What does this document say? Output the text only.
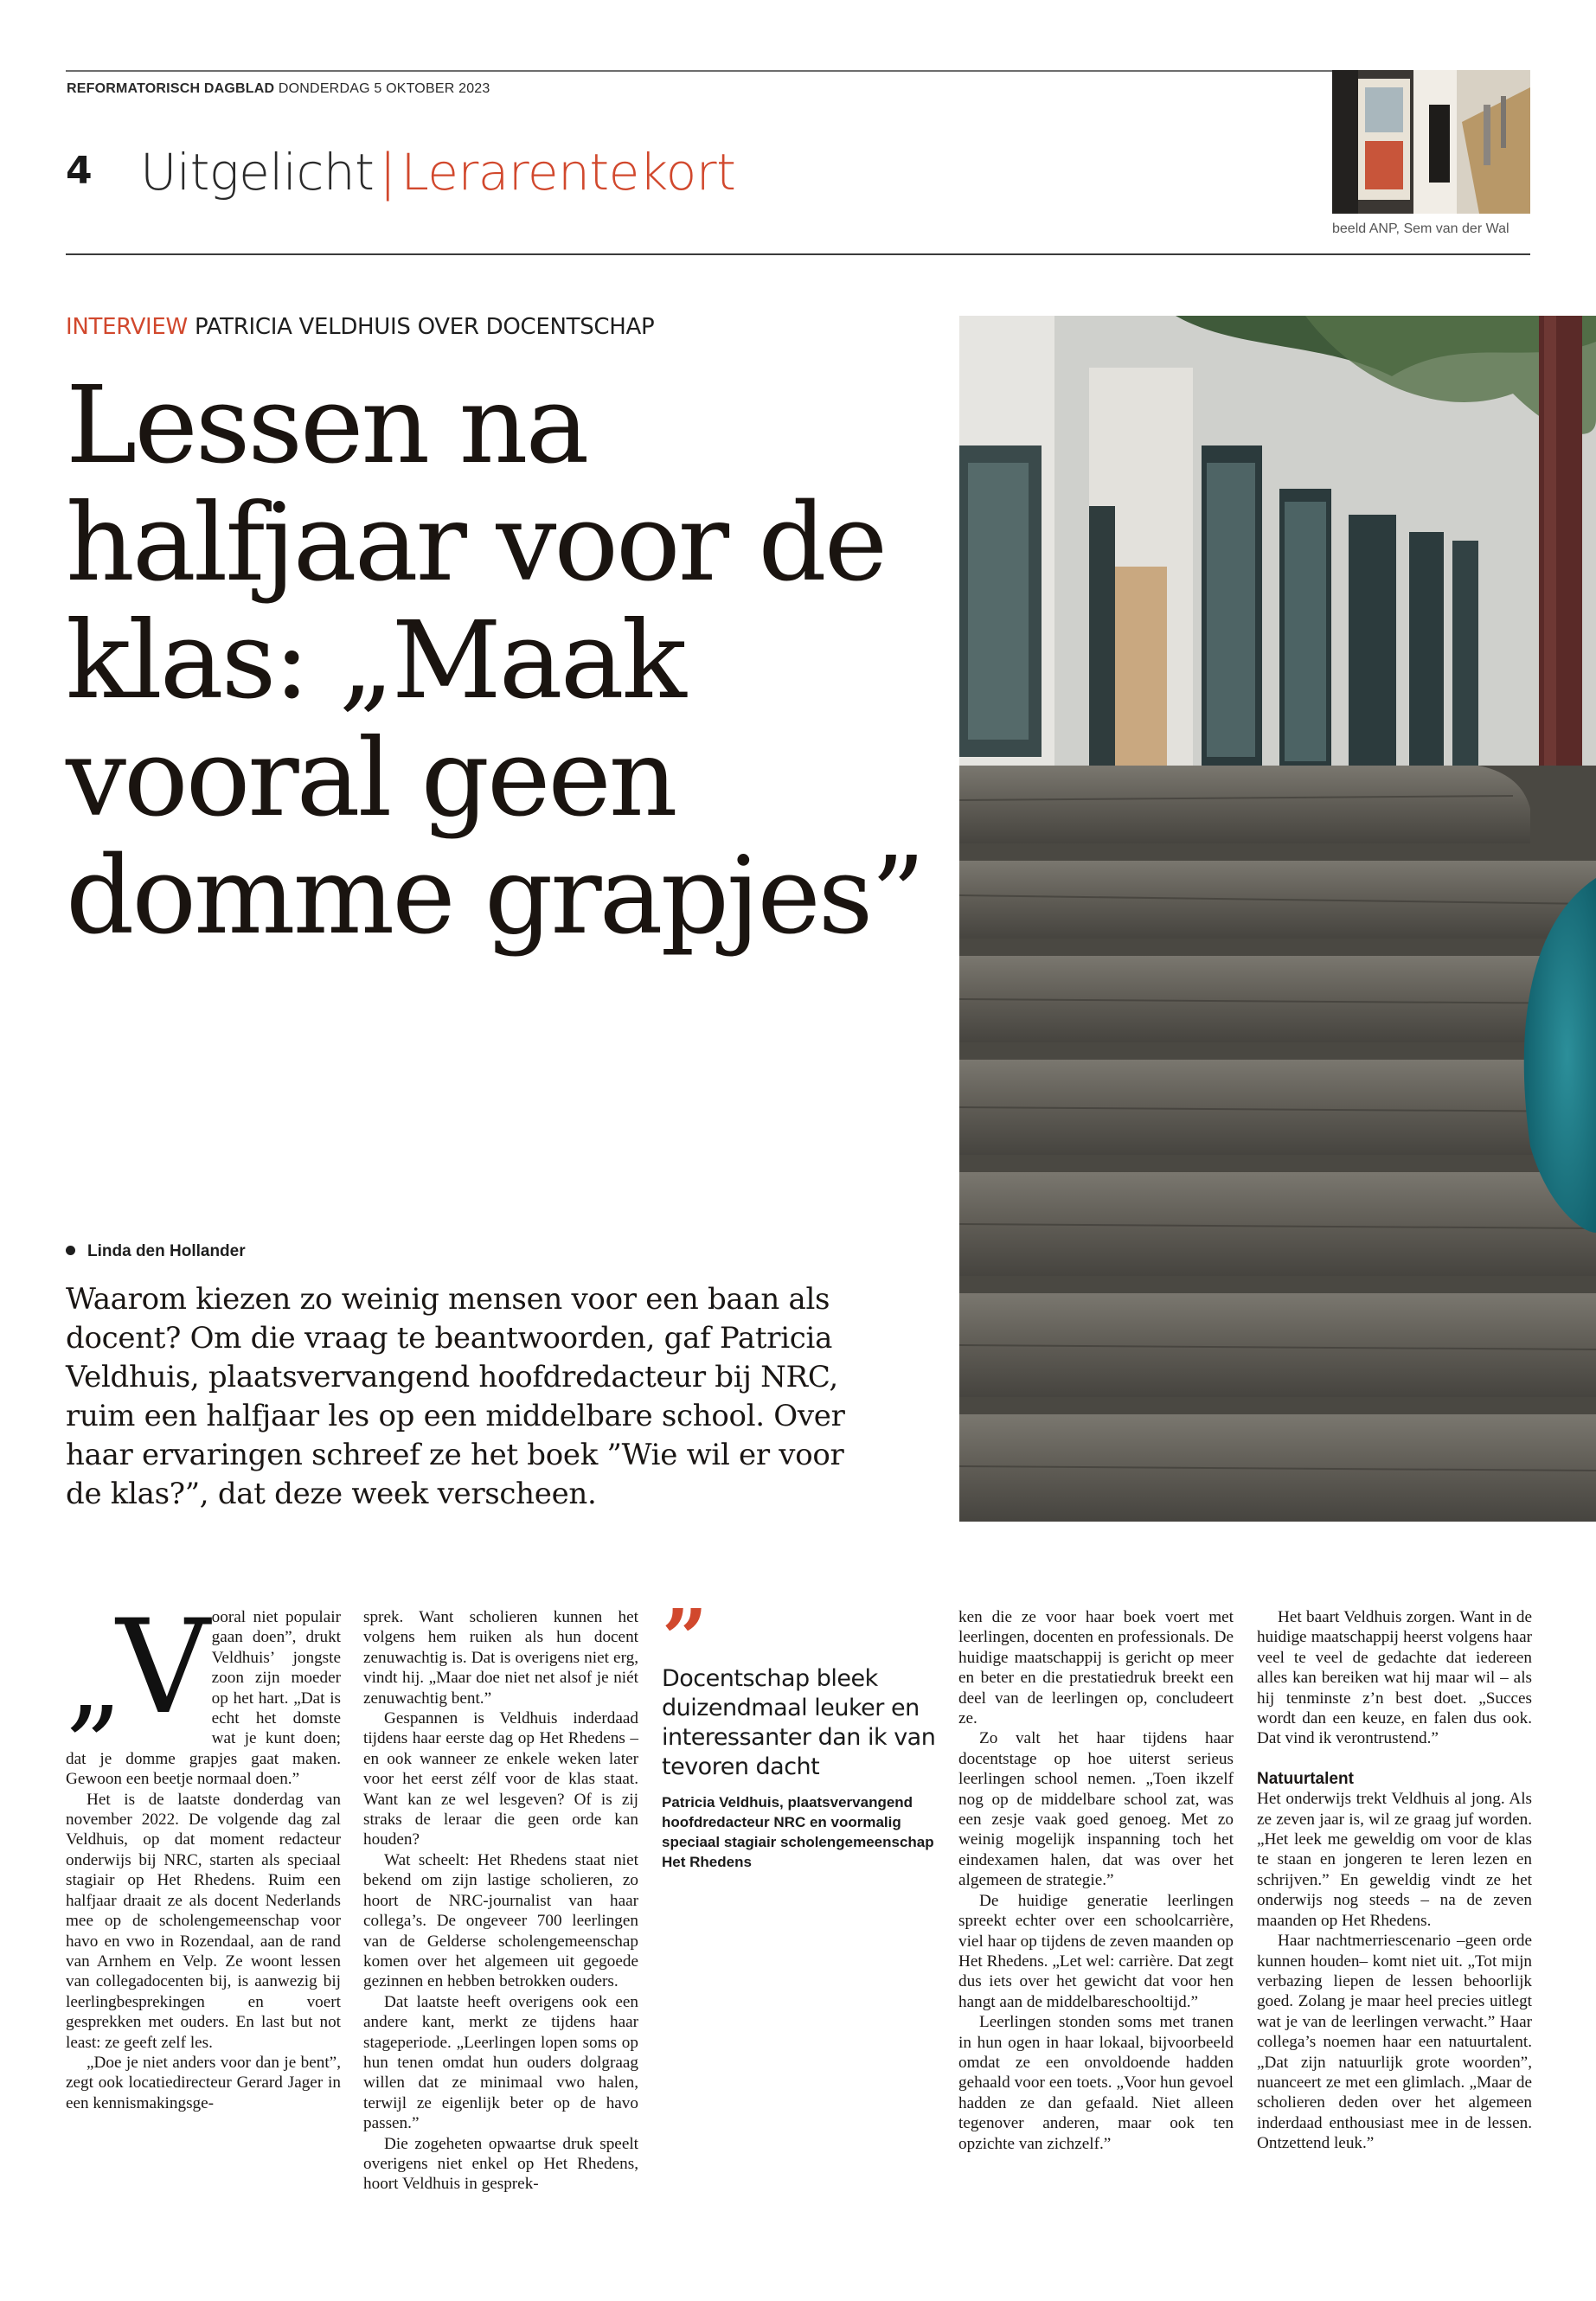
REFORMATORISCH DAGBLAD DONDERDAG 5 OKTOBER 2023
4 Uitgelicht | Lerarentekort
beeld ANP, Sem van der Wal
INTERVIEW PATRICIA VELDHUIS OVER DOCENTSCHAP
Lessen na halfjaar voor de klas: „Maak vooral geen domme grapjes”
Linda den Hollander

Waarom kiezen zo weinig mensen voor een baan als docent? Om die vraag te beantwoorden, gaf Patricia Veldhuis, plaatsvervangend hoofdredacteur bij NRC, ruim een halfjaar les op een middelbare school. Over haar ervaringen schreef ze het boek ”Wie wil er voor de klas?”, dat deze week verscheen.

„V ooral niet populair gaan doen”, drukt Veldhuis’ jongste zoon zijn moeder op het hart. „Dat is echt het domste wat je kunt doen; dat je domme grapjes gaat maken. Gewoon een beetje normaal doen.”

Het is de laatste donderdag van november 2022. De volgende dag zal Veldhuis, op dat moment redacteur onderwijs bij NRC, starten als speciaal stagiair op Het Rhedens. Ruim een halfjaar draait ze als docent Nederlands mee op de scholengemeenschap voor havo en vwo in Rozendaal, aan de rand van Arnhem en Velp. Ze woont lessen van collegadocenten bij, is aanwezig bij leerlingbesprekingen en voert gesprekken met ouders. En last but not least: ze geeft zelf les.

„Doe je niet anders voor dan je bent”, zegt ook locatiedirecteur Gerard Jager in een kennismakingsge-

sprek. Want scholieren kunnen het volgens hem ruiken als hun docent zenuwachtig is. Dat is overigens niet erg, vindt hij. „Maar doe niet net alsof je niét zenuwachtig bent.”

Gespannen is Veldhuis inderdaad tijdens haar eerste dag op Het Rhedens – en ook wanneer ze enkele weken later voor het eerst zélf voor de klas staat. Want kan ze wel lesgeven? Of is zij straks de leraar die geen orde kan houden?

Wat scheelt: Het Rhedens staat niet bekend om zijn lastige scholieren, zo hoort de NRC-journalist van haar collega’s. De ongeveer 700 leerlingen van de Gelderse scholengemeenschap komen over het algemeen uit gegoede gezinnen en hebben betrokken ouders.

Dat laatste heeft overigens ook een andere kant, merkt ze tijdens haar stageperiode. „Leerlingen lopen soms op hun tenen omdat hun ouders dolgraag willen dat ze minimaal vwo halen, terwijl ze eigenlijk beter op de havo passen.”

Die zogeheten opwaartse druk speelt overigens niet enkel op Het Rhedens, hoort Veldhuis in gesprek-

”
Docentschap bleek duizendmaal leuker en interessanter dan ik van tevoren dacht
Patricia Veldhuis, plaatsvervangend hoofdredacteur NRC en voormalig speciaal stagiair scholengemeenschap Het Rhedens

ken die ze voor haar boek voert met leerlingen, docenten en professionals. De huidige maatschappij is gericht op meer en beter en die prestatiedruk breekt een deel van de leerlingen op, concludeert ze.

Zo valt het haar tijdens haar docentstage op hoe uiterst serieus leerlingen school nemen. „Toen ikzelf nog op de middelbare school zat, was een zesje vaak goed genoeg. Met zo weinig mogelijk inspanning toch het eindexamen halen, dat was over het algemeen de strategie.”

De huidige generatie leerlingen spreekt echter over een schoolcarrière, viel haar op tijdens de zeven maanden op Het Rhedens. „Let wel: carrière. Dat zegt dus iets over het gewicht dat voor hen hangt aan de middelbareschooltijd.”

Leerlingen stonden soms met tranen in hun ogen in haar lokaal, bijvoorbeeld omdat ze een onvoldoende hadden gehaald voor een toets. „Voor hun gevoel hadden ze dan gefaald. Niet alleen tegenover anderen, maar ook ten opzichte van zichzelf.”

Het baart Veldhuis zorgen. Want in de huidige maatschappij heerst volgens haar veel te veel de gedachte dat iedereen alles kan bereiken wat hij maar wil – als hij tenminste z’n best doet. „Succes wordt dan een keuze, en falen dus ook. Dat vind ik verontrustend.”

Natuurtalent

Het onderwijs trekt Veldhuis al jong. Als ze zeven jaar is, wil ze graag juf worden. „Het leek me geweldig om voor de klas te staan en jongeren te leren lezen en schrijven.” En geweldig vindt ze het onderwijs nog steeds – na de zeven maanden op Het Rhedens.

Haar nachtmerriescenario –geen orde kunnen houden– komt niet uit. „Tot mijn verbazing liepen de lessen behoorlijk goed. Zolang je maar heel precies uitlegt wat je van de leerlingen verwacht.” Haar collega’s noemen haar een natuurtalent. „Dat zijn natuurlijk grote woorden”, nuanceert ze met een glimlach. „Maar de scholieren deden over het algemeen inderdaad enthousiast mee in de lessen. Ontzettend leuk.”
